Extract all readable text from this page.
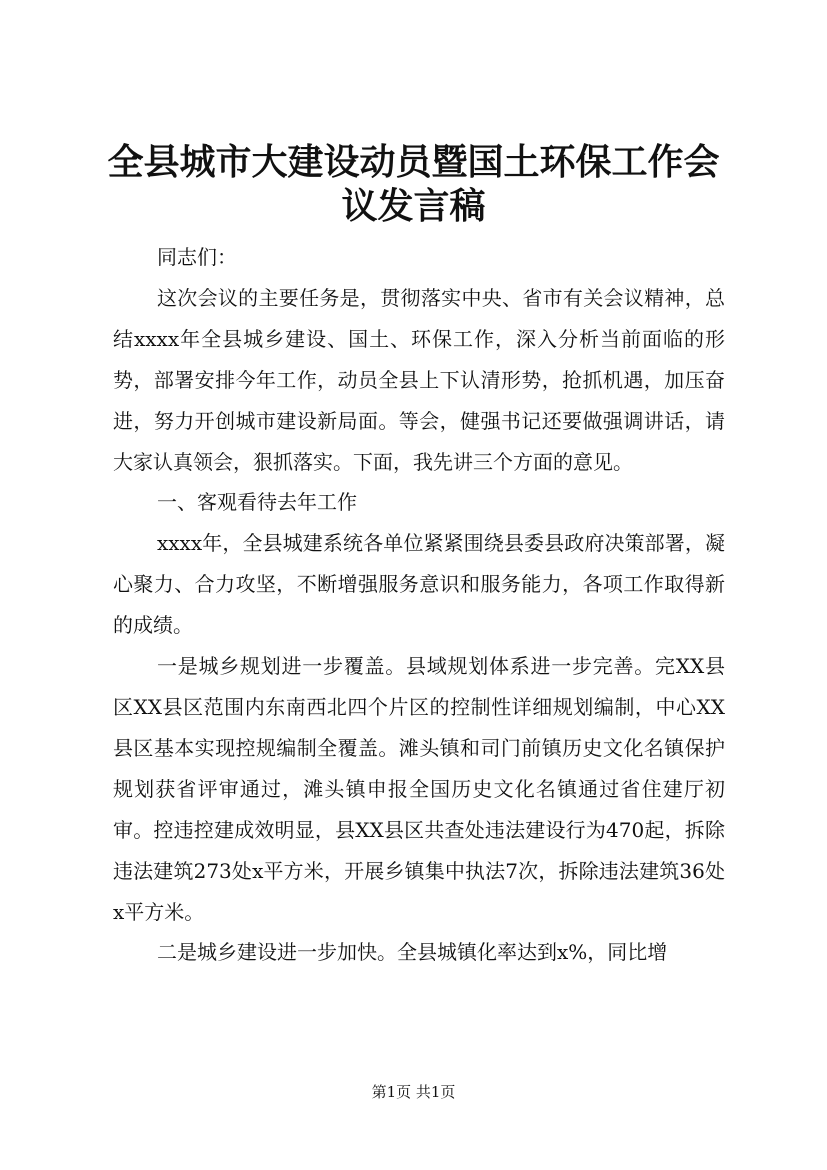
全县城市大建设动员暨国土环保工作会议发言稿

同志们：

这次会议的主要任务是，贯彻落实中央、省市有关会议精神，总结xxxx年全县城乡建设、国土、环保工作，深入分析当前面临的形势，部署安排今年工作，动员全县上下认清形势，抢抓机遇，加压奋进，努力开创城市建设新局面。等会，健强书记还要做强调讲话，请大家认真领会，狠抓落实。下面，我先讲三个方面的意见。

一、客观看待去年工作

xxxx年，全县城建系统各单位紧紧围绕县委县政府决策部署，凝心聚力、合力攻坚，不断增强服务意识和服务能力，各项工作取得新的成绩。

一是城乡规划进一步覆盖。县域规划体系进一步完善。完XX县区XX县区范围内东南西北四个片区的控制性详细规划编制，中心XX县区基本实现控规编制全覆盖。滩头镇和司门前镇历史文化名镇保护规划获省评审通过，滩头镇申报全国历史文化名镇通过省住建厅初审。控违控建成效明显，县XX县区共查处违法建设行为470起，拆除违法建筑273处x平方米，开展乡镇集中执法7次，拆除违法建筑36处x平方米。

二是城乡建设进一步加快。全县城镇化率达到x%，同比增

第1页 共1页
